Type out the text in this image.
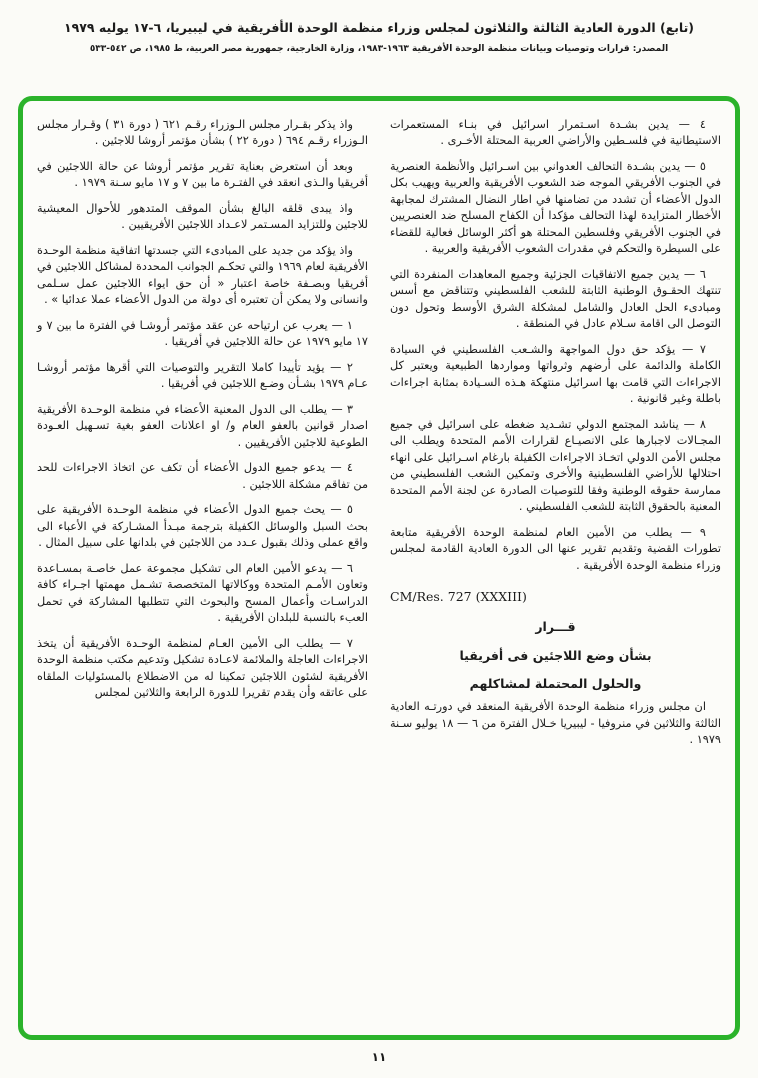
(تابع) الدورة العادية الثالثة والثلاثون لمجلس وزراء منظمة الوحدة الأفريقية في ليبيريا، ٦-١٧ يوليه ١٩٧٩
المصدر: قرارات وتوصيات وبيانات منظمة الوحدة الأفريقية ١٩٦٣-١٩٨٣، وزارة الخارجية، جمهورية مصر العربية، ط ١٩٨٥، ص ٥٤٢-٥٣٣

٤ — يدين بشـدة اسـتمرار اسرائيل في بنـاء المستعمرات الاستيطانية في فلسـطين والأراضي العربية المحتلة الأخـرى .

٥ — يدين بشـدة التحالف العدواني بين اسـرائيل والأنظمة العنصرية في الجنوب الأفريقي الموجه ضد الشعوب الأفريقية والعربية ويهيب بكل الدول الأعضاء أن تشدد من تضامنها في اطار النضال المشترك لمجابهة الأخطار المتزايدة لهذا التحالف مؤكدا أن الكفاح المسلح ضد العنصريين في الجنوب الأفريقي وفلسطين المحتلة هو أكثر الوسائل فعالية للقضاء على السيطرة والتحكم في مقدرات الشعوب الأفريقية والعربية .

٦ — يدين جميع الاتفاقيات الجزئية وجميع المعاهدات المنفردة التي تنتهك الحقـوق الوطنية الثابتة للشعب الفلسطيني وتتناقض مع أسس ومبادىء الحل العادل والشامل لمشكلة الشرق الأوسط وتحول دون التوصل الى اقامة سـلام عادل في المنطقة .

٧ — يؤكد حق دول المواجهة والشـعب الفلسطيني في السيادة الكاملة والدائمة على أرضهم وثرواتها ومواردها الطبيعية ويعتبر كل الاجراءات التي قامت بها اسرائيل منتهكة هـذه السـيادة بمثابة اجراءات باطلة وغير قانونية .

٨ — يناشد المجتمع الدولي تشـديد ضغطه على اسرائيل في جميع المجـالات لاجبارها على الانصيـاع لقرارات الأمم المتحدة ويطلب الى مجلس الأمن الدولي اتخـاذ الاجراءات الكفيلة بارغام اسـرائيل على انهاء احتلالها للأراضي الفلسطينية والأخرى وتمكين الشعب الفلسطيني من ممارسة حقوقه الوطنية وفقا للتوصيات الصادرة عن لجنة الأمم المتحدة المعنية بالحقوق الثابتة للشعب الفلسطيني .

٩ — يطلب من الأمين العام لمنظمة الوحدة الأفريقية متابعة تطورات القضية وتقديم تقرير عنها الى الدورة العادية القادمة لمجلس وزراء منظمة الوحدة الأفريقية .

CM/Res. 727 (XXXIII)
قـــرار
بشأن وضع اللاجئين فى أفريقيا
والحلول المحتملة لمشاكلهم

ان مجلس وزراء منظمة الوحدة الأفريقية المنعقد في دورتـه العادية الثالثة والثلاثين في منروفيا - ليبيريا خـلال الفترة من ٦ — ١٨ يوليو سـنة ١٩٧٩ .

واذ يذكر بقـرار مجلس الـوزراء رقـم ٦٢١ ( دورة ٣١ ) وقـرار مجلس الـوزراء رقـم ٦٩٤ ( دورة ٢٢ ) بشأن مؤتمر أروشا للاجئين .

وبعد أن استعرض بعناية تقرير مؤتمر أروشا عن حالة اللاجئين في أفريقيا والـذى انعقد في الفتـرة ما بين ٧ و ١٧ مايو سـنة ١٩٧٩ .

واذ يبدى قلقه البالغ بشأن الموقف المتدهور للأحوال المعيشية للاجئين وللتزايد المسـتمر لاعـداد اللاجئين الأفريقيين .

واذ يؤكد من جديد على المبادىء التي جسدتها اتفاقية منظمة الوحـدة الأفريقية لعام ١٩٦٩ والتي تحكـم الجوانب المحددة لمشاكل اللاجئين في أفريقيا وبصـفة خاصة اعتبار « أن حق ايواء اللاجئين عمل سـلمى وانسانى ولا يمكن أن تعتبره أى دولة من الدول الأعضاء عملا عدائيا » .

١ — يعرب عن ارتياحه عن عقد مؤتمر أروشـا في الفترة ما بين ٧ و ١٧ مايو ١٩٧٩ عن حالة اللاجئين في أفريقيا .

٢ — يؤيد تأييدا كاملا التقرير والتوصيات التي أقرها مؤتمر أروشـا عـام ١٩٧٩ بشـأن وضـع اللاجئين في أفريقيا .

٣ — يطلب الى الدول المعنية الأعضاء في منظمة الوحـدة الأفريقية اصدار قوانين بالعفو العام و/ او اعلانات العفو بغية تسـهيل العـودة الطوعية للاجئين الأفريقيين .

٤ — يدعو جميع الدول الأعضاء أن تكف عن اتخاذ الاجراءات للحد من تفاقم مشكلة اللاجئين .

٥ — يحث جميع الدول الأعضاء في منظمة الوحـدة الأفريقية على بحث السبل والوسائل الكفيلة بترجمة مبـدأ المشـاركة في الأعباء الى واقع عملى وذلك بقبول عـدد من اللاجئين في بلدانها على سبيل المثال .

٦ — يدعو الأمين العام الى تشكيل مجموعة عمل خاصـة بمسـاعدة وتعاون الأمـم المتحدة ووكالاتها المتخصصة تشـمل مهمتها اجـراء كافة الدراسـات وأعمال المسح والبحوث التي تتطلبها المشاركة في تحمل العبء بالنسبة للبلدان الأفريقية .

٧ — يطلب الى الأمين العـام لمنظمة الوحـدة الأفريقية أن يتخذ الاجراءات العاجلة والملائمة لاعـادة تشكيل وتدعيم مكتب منظمة الوحدة الأفريقية لشئون اللاجئين تمكينا له من الاضطلاع بالمسئوليات الملقاه على عاتقه وأن يقدم تقريرا للدورة الرابعة والثلاثين لمجلس

١١
